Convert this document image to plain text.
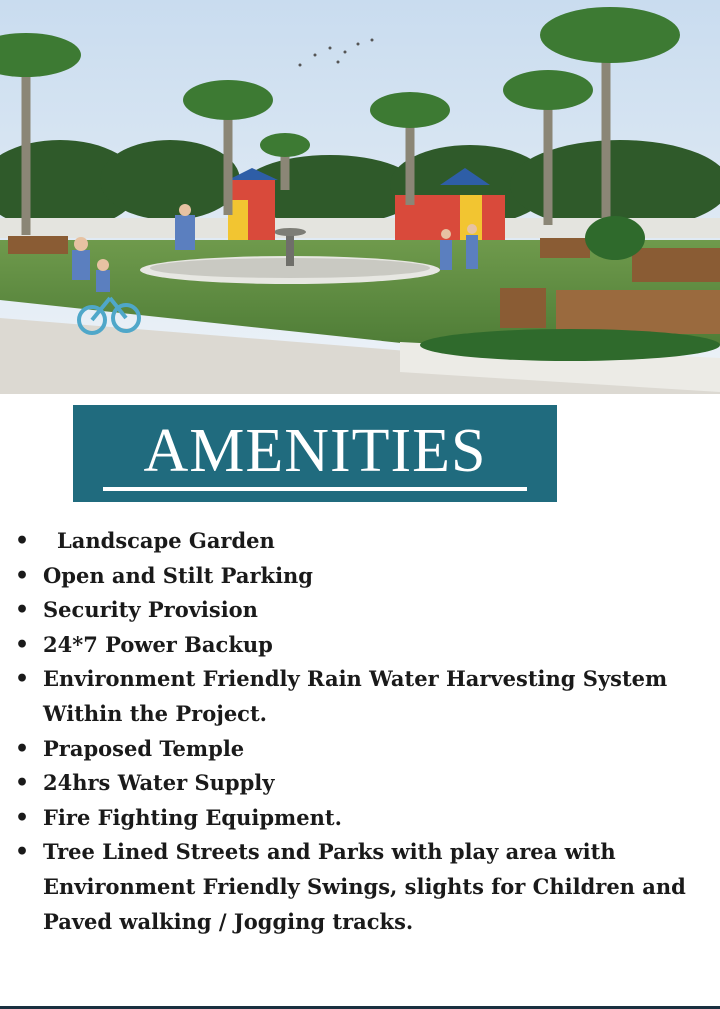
AMENITIES
• Landscape Garden
• Open and Stilt Parking
• Security Provision
• 24*7 Power Backup
• Environment Friendly Rain Water Harvesting System Within the Project.
• Praposed Temple
• 24hrs Water Supply
• Fire Fighting Equipment.
• Tree Lined Streets and Parks with play area with Environment Friendly Swings, slights for Children and Paved walking / Jogging tracks.
